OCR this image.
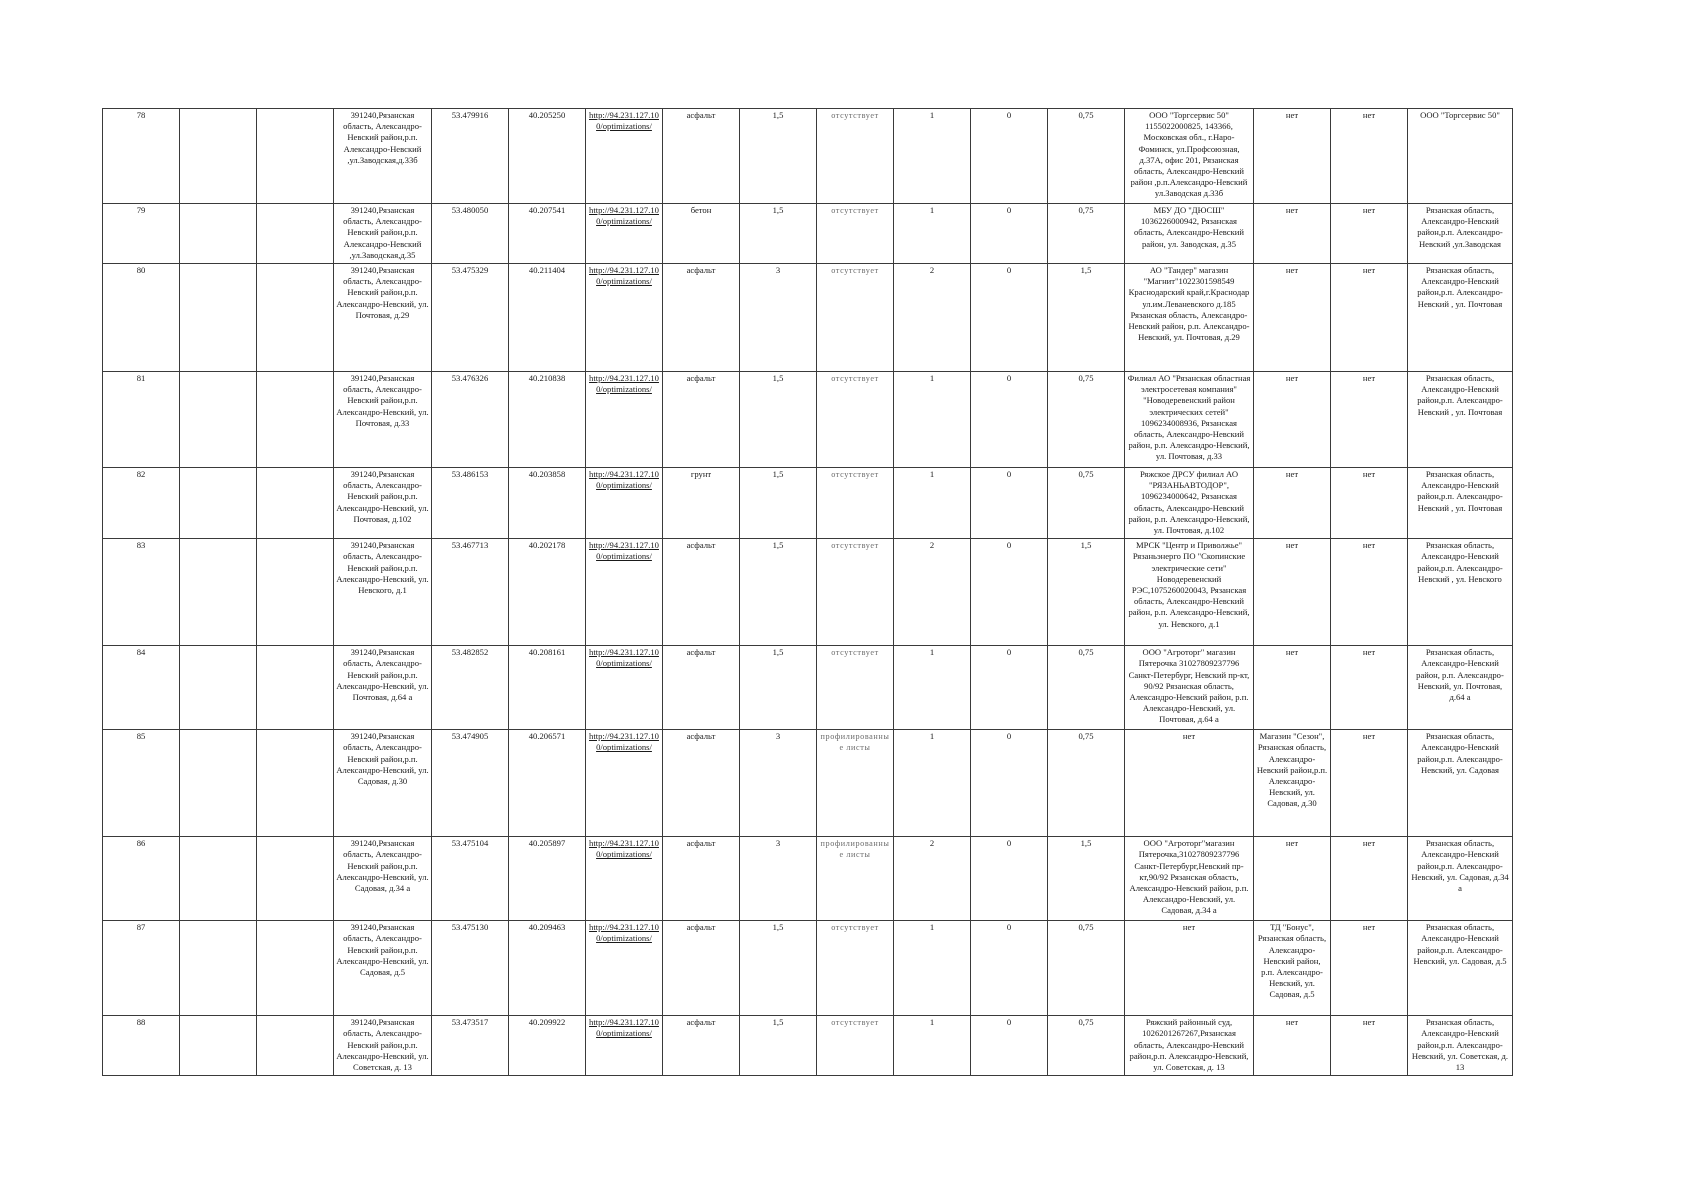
78			391240,Рязанская область, Александро-Невский район,р.п. Александро-Невский ,ул.Заводская,д.33б	53.479916	40.205250	http://94.231.127.10 0/optimizations/	асфальт	1,5	отсутствует	1	0	0,75	ООО "Торгсервис 50" 1155022000825, 143366, Московская обл., г.Наро-Фоминск, ул.Профсоюзная, д.37А, офис 201, Рязанская область, Александро-Невский район ,р.п.Александро-Невский ул.Заводская д.33б	нет	нет	ООО "Торгсервис 50"
79			391240,Рязанская область, Александро-Невский район,р.п. Александро-Невский ,ул.Заводская,д.35	53.480050	40.207541	http://94.231.127.10 0/optimizations/	бетон	1,5	отсутствует	1	0	0,75	МБУ ДО "ДЮСШ" 1036226000942, Рязанская область, Александро-Невский район, ул. Заводская, д.35	нет	нет	Рязанская область, Александро-Невский район,р.п. Александро-Невский ,ул.Заводская
80			391240,Рязанская область, Александро-Невский район,р.п. Александро-Невский, ул. Почтовая, д.29	53.475329	40.211404	http://94.231.127.10 0/optimizations/	асфальт	3	отсутствует	2	0	1,5	АО "Тандер" магазин "Магнит"1022301598549 Краснодарский край,г.Краснодар ул.им.Леваневского д.185 Рязанская область, Александро-Невский район, р.п. Александро-Невский, ул. Почтовая, д.29	нет	нет	Рязанская область, Александро-Невский район,р.п. Александро-Невский , ул. Почтовая
81			391240,Рязанская область, Александро-Невский район,р.п. Александро-Невский, ул. Почтовая, д.33	53.476326	40.210838	http://94.231.127.10 0/optimizations/	асфальт	1,5	отсутствует	1	0	0,75	Филиал АО "Рязанская областная электросетевая компания" "Новодеревенский район электрических сетей" 1096234008936, Рязанская область, Александро-Невский район, р.п. Александро-Невский, ул. Почтовая, д.33	нет	нет	Рязанская область, Александро-Невский район,р.п. Александро-Невский , ул. Почтовая
82			391240,Рязанская область, Александро-Невский район,р.п. Александро-Невский, ул. Почтовая, д.102	53.486153	40.203858	http://94.231.127.10 0/optimizations/	грунт	1,5	отсутствует	1	0	0,75	Ряжское ДРСУ филиал АО "РЯЗАНЬАВТОДОР", 1096234000642, Рязанская область, Александро-Невский район, р.п. Александро-Невский, ул. Почтовая, д.102	нет	нет	Рязанская область, Александро-Невский район,р.п. Александро-Невский , ул. Почтовая
83			391240,Рязанская область, Александро-Невский район,р.п. Александро-Невский, ул. Невского, д.1	53.467713	40.202178	http://94.231.127.10 0/optimizations/	асфальт	1,5	отсутствует	2	0	1,5	МРСК "Центр и Приволжье" Рязаньэнерго ПО "Скопинские электрические сети" Новодеревенский РЭС,1075260020043, Рязанская область, Александро-Невский район, р.п. Александро-Невский, ул. Невского, д.1	нет	нет	Рязанская область, Александро-Невский район,р.п. Александро-Невский , ул. Невского
84			391240,Рязанская область, Александро-Невский район,р.п. Александро-Невский, ул. Почтовая, д.64 а	53.482852	40.208161	http://94.231.127.10 0/optimizations/	асфальт	1,5	отсутствует	1	0	0,75	ООО "Агроторг" магазин Пятерочка 31027809237796 Санкт-Петербург, Невский пр-кт, 90/92 Рязанская область, Александро-Невский район, р.п. Александро-Невский, ул. Почтовая, д.64 а	нет	нет	Рязанская область, Александро-Невский район, р.п. Александро-Невский, ул. Почтовая, д.64 а
85			391240,Рязанская область, Александро-Невский район,р.п. Александро-Невский, ул. Садовая, д.30	53.474905	40.206571	http://94.231.127.10 0/optimizations/	асфальт	3	профилированные листы	1	0	0,75	нет	Магазин "Сезон", Рязанская область, Александро-Невский район,р.п. Александро-Невский, ул. Садовая, д.30	нет	Рязанская область, Александро-Невский район,р.п. Александро-Невский, ул. Садовая
86			391240,Рязанская область, Александро-Невский район,р.п. Александро-Невский, ул. Садовая, д.34 а	53.475104	40.205897	http://94.231.127.10 0/optimizations/	асфальт	3	профилированные листы	2	0	1,5	ООО "Агроторг"магазин Пятерочка,31027809237796 Санкт-Петербург,Невский пр-кт,90/92 Рязанская область, Александро-Невский район, р.п. Александро-Невский, ул. Садовая, д.34 а	нет	нет	Рязанская область, Александро-Невский район,р.п. Александро-Невский, ул. Садовая, д.34 а
87			391240,Рязанская область, Александро-Невский район,р.п. Александро-Невский, ул. Садовая, д.5	53.475130	40.209463	http://94.231.127.10 0/optimizations/	асфальт	1,5	отсутствует	1	0	0,75	нет	ТД "Бонус", Рязанская область, Александро-Невский район, р.п. Александро-Невский, ул. Садовая, д.5	нет	Рязанская область, Александро-Невский район,р.п. Александро-Невский, ул. Садовая, д.5
88			391240,Рязанская область, Александро-Невский район,р.п. Александро-Невский, ул. Советская, д. 13	53.473517	40.209922	http://94.231.127.10 0/optimizations/	асфальт	1,5	отсутствует	1	0	0,75	Ряжский районный суд, 1026201267267,Рязанская область, Александро-Невский район,р.п. Александро-Невский, ул. Советская, д. 13	нет	нет	Рязанская область, Александро-Невский район,р.п. Александро-Невский, ул. Советская, д. 13
